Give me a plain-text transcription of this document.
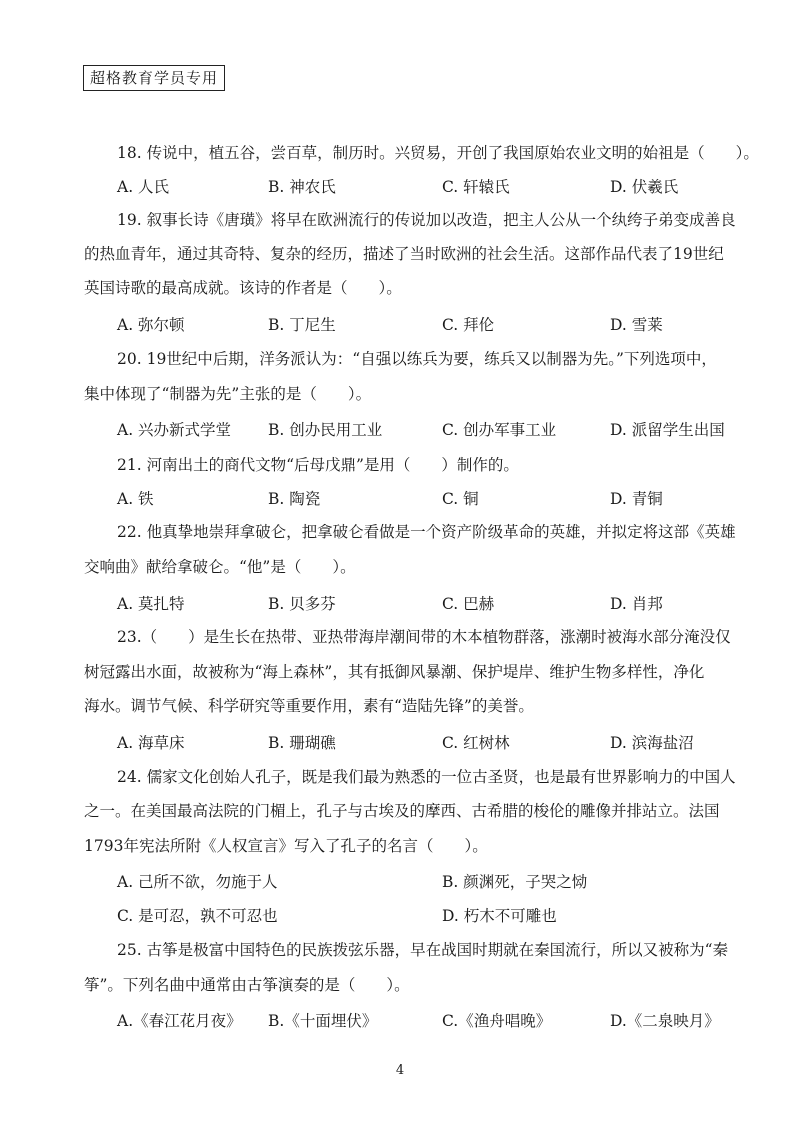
超格教育学员专用
18. 传说中，植五谷，尝百草，制历时。兴贸易，开创了我国原始农业文明的始祖是（　　）。
A. 人氏	B. 神农氏	C. 轩辕氏	D. 伏羲氏
19. 叙事长诗《唐璜》将早在欧洲流行的传说加以改造，把主人公从一个纨绔子弟变成善良
的热血青年，通过其奇特、复杂的经历，描述了当时欧洲的社会生活。这部作品代表了19世纪
英国诗歌的最高成就。该诗的作者是（　　）。
A. 弥尔顿	B. 丁尼生	C. 拜伦	D. 雪莱
20. 19世纪中后期，洋务派认为：“自强以练兵为要，练兵又以制器为先。”下列选项中，
集中体现了“制器为先”主张的是（　　）。
A. 兴办新式学堂 B. 创办民用工业	C. 创办军事工业	D. 派留学生出国
21. 河南出土的商代文物“后母戊鼎”是用（　　）制作的。
A. 铁	B. 陶瓷	C. 铜	D. 青铜
22. 他真挚地崇拜拿破仑，把拿破仑看做是一个资产阶级革命的英雄，并拟定将这部《英雄
交响曲》献给拿破仑。“他”是（　　）。
A. 莫扎特	B. 贝多芬	C. 巴赫	D. 肖邦
23.（　　）是生长在热带、亚热带海岸潮间带的木本植物群落，涨潮时被海水部分淹没仅
树冠露出水面，故被称为“海上森林”，其有抵御风暴潮、保护堤岸、维护生物多样性，净化
海水。调节气候、科学研究等重要作用，素有“造陆先锋”的美誉。
A. 海草床	B. 珊瑚礁	C. 红树林	D. 滨海盐沼
24. 儒家文化创始人孔子，既是我们最为熟悉的一位古圣贤，也是最有世界影响力的中国人
之一。在美国最高法院的门楣上，孔子与古埃及的摩西、古希腊的梭伦的雕像并排站立。法国
1793年宪法所附《人权宣言》写入了孔子的名言（　　）。
A. 己所不欲，勿施于人	B. 颜渊死，子哭之恸
C. 是可忍，孰不可忍也	D. 朽木不可雕也
25. 古筝是极富中国特色的民族拨弦乐器，早在战国时期就在秦国流行，所以又被称为“秦
筝”。下列名曲中通常由古筝演奏的是（　　）。
A.《春江花月夜》 B.《十面埋伏》	C.《渔舟唱晚》	D.《二泉映月》
4
